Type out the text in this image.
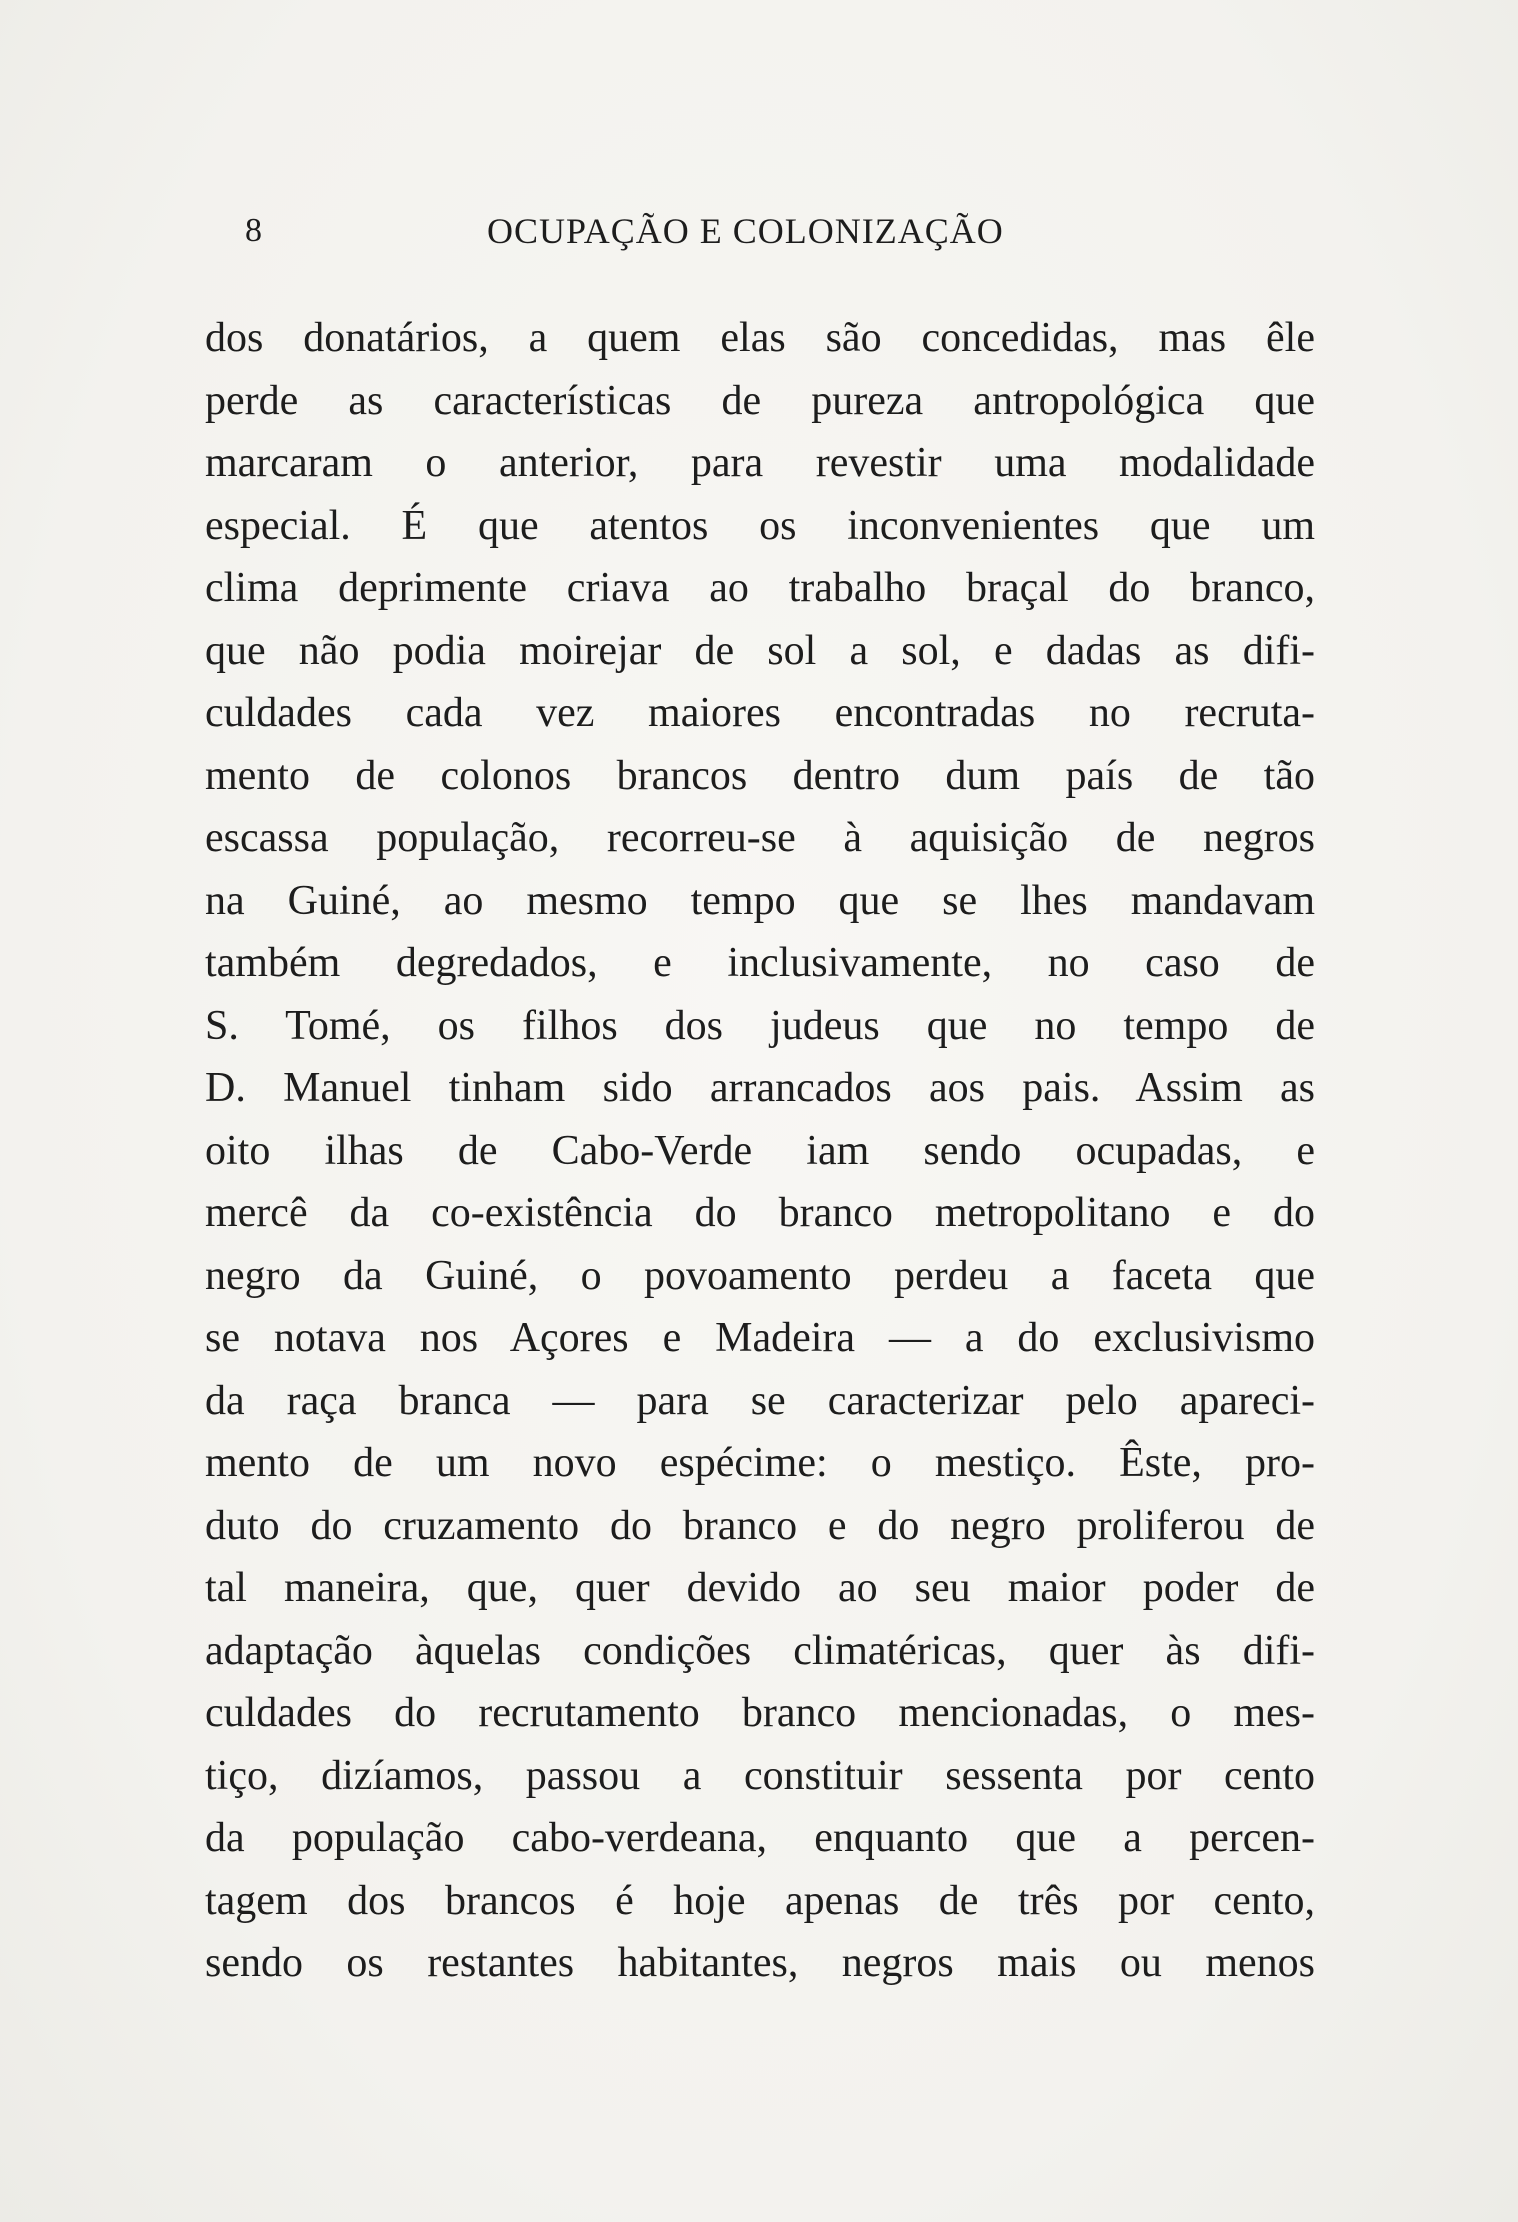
8	OCUPAÇÃO E COLONIZAÇÃO
dos donatários, a quem elas são concedidas, mas êle
perde as características de pureza antropológica que
marcaram o anterior, para revestir uma modalidade
especial. É que atentos os inconvenientes que um
clima deprimente criava ao trabalho braçal do branco,
que não podia moirejar de sol a sol, e dadas as difi-
culdades cada vez maiores encontradas no recruta-
mento de colonos brancos dentro dum país de tão
escassa população, recorreu-se à aquisição de negros
na Guiné, ao mesmo tempo que se lhes mandavam
também degredados, e inclusivamente, no caso de
S. Tomé, os filhos dos judeus que no tempo de
D. Manuel tinham sido arrancados aos pais. Assim as
oito ilhas de Cabo-Verde iam sendo ocupadas, e
mercê da co-existência do branco metropolitano e do
negro da Guiné, o povoamento perdeu a faceta que
se notava nos Açores e Madeira — a do exclusivismo
da raça branca — para se caracterizar pelo apareci-
mento de um novo espécime: o mestiço. Êste, pro-
duto do cruzamento do branco e do negro proliferou de
tal maneira, que, quer devido ao seu maior poder de
adaptação àquelas condições climatéricas, quer às difi-
culdades do recrutamento branco mencionadas, o mes-
tiço, dizíamos, passou a constituir sessenta por cento
da população cabo-verdeana, enquanto que a percen-
tagem dos brancos é hoje apenas de três por cento,
sendo os restantes habitantes, negros mais ou menos
